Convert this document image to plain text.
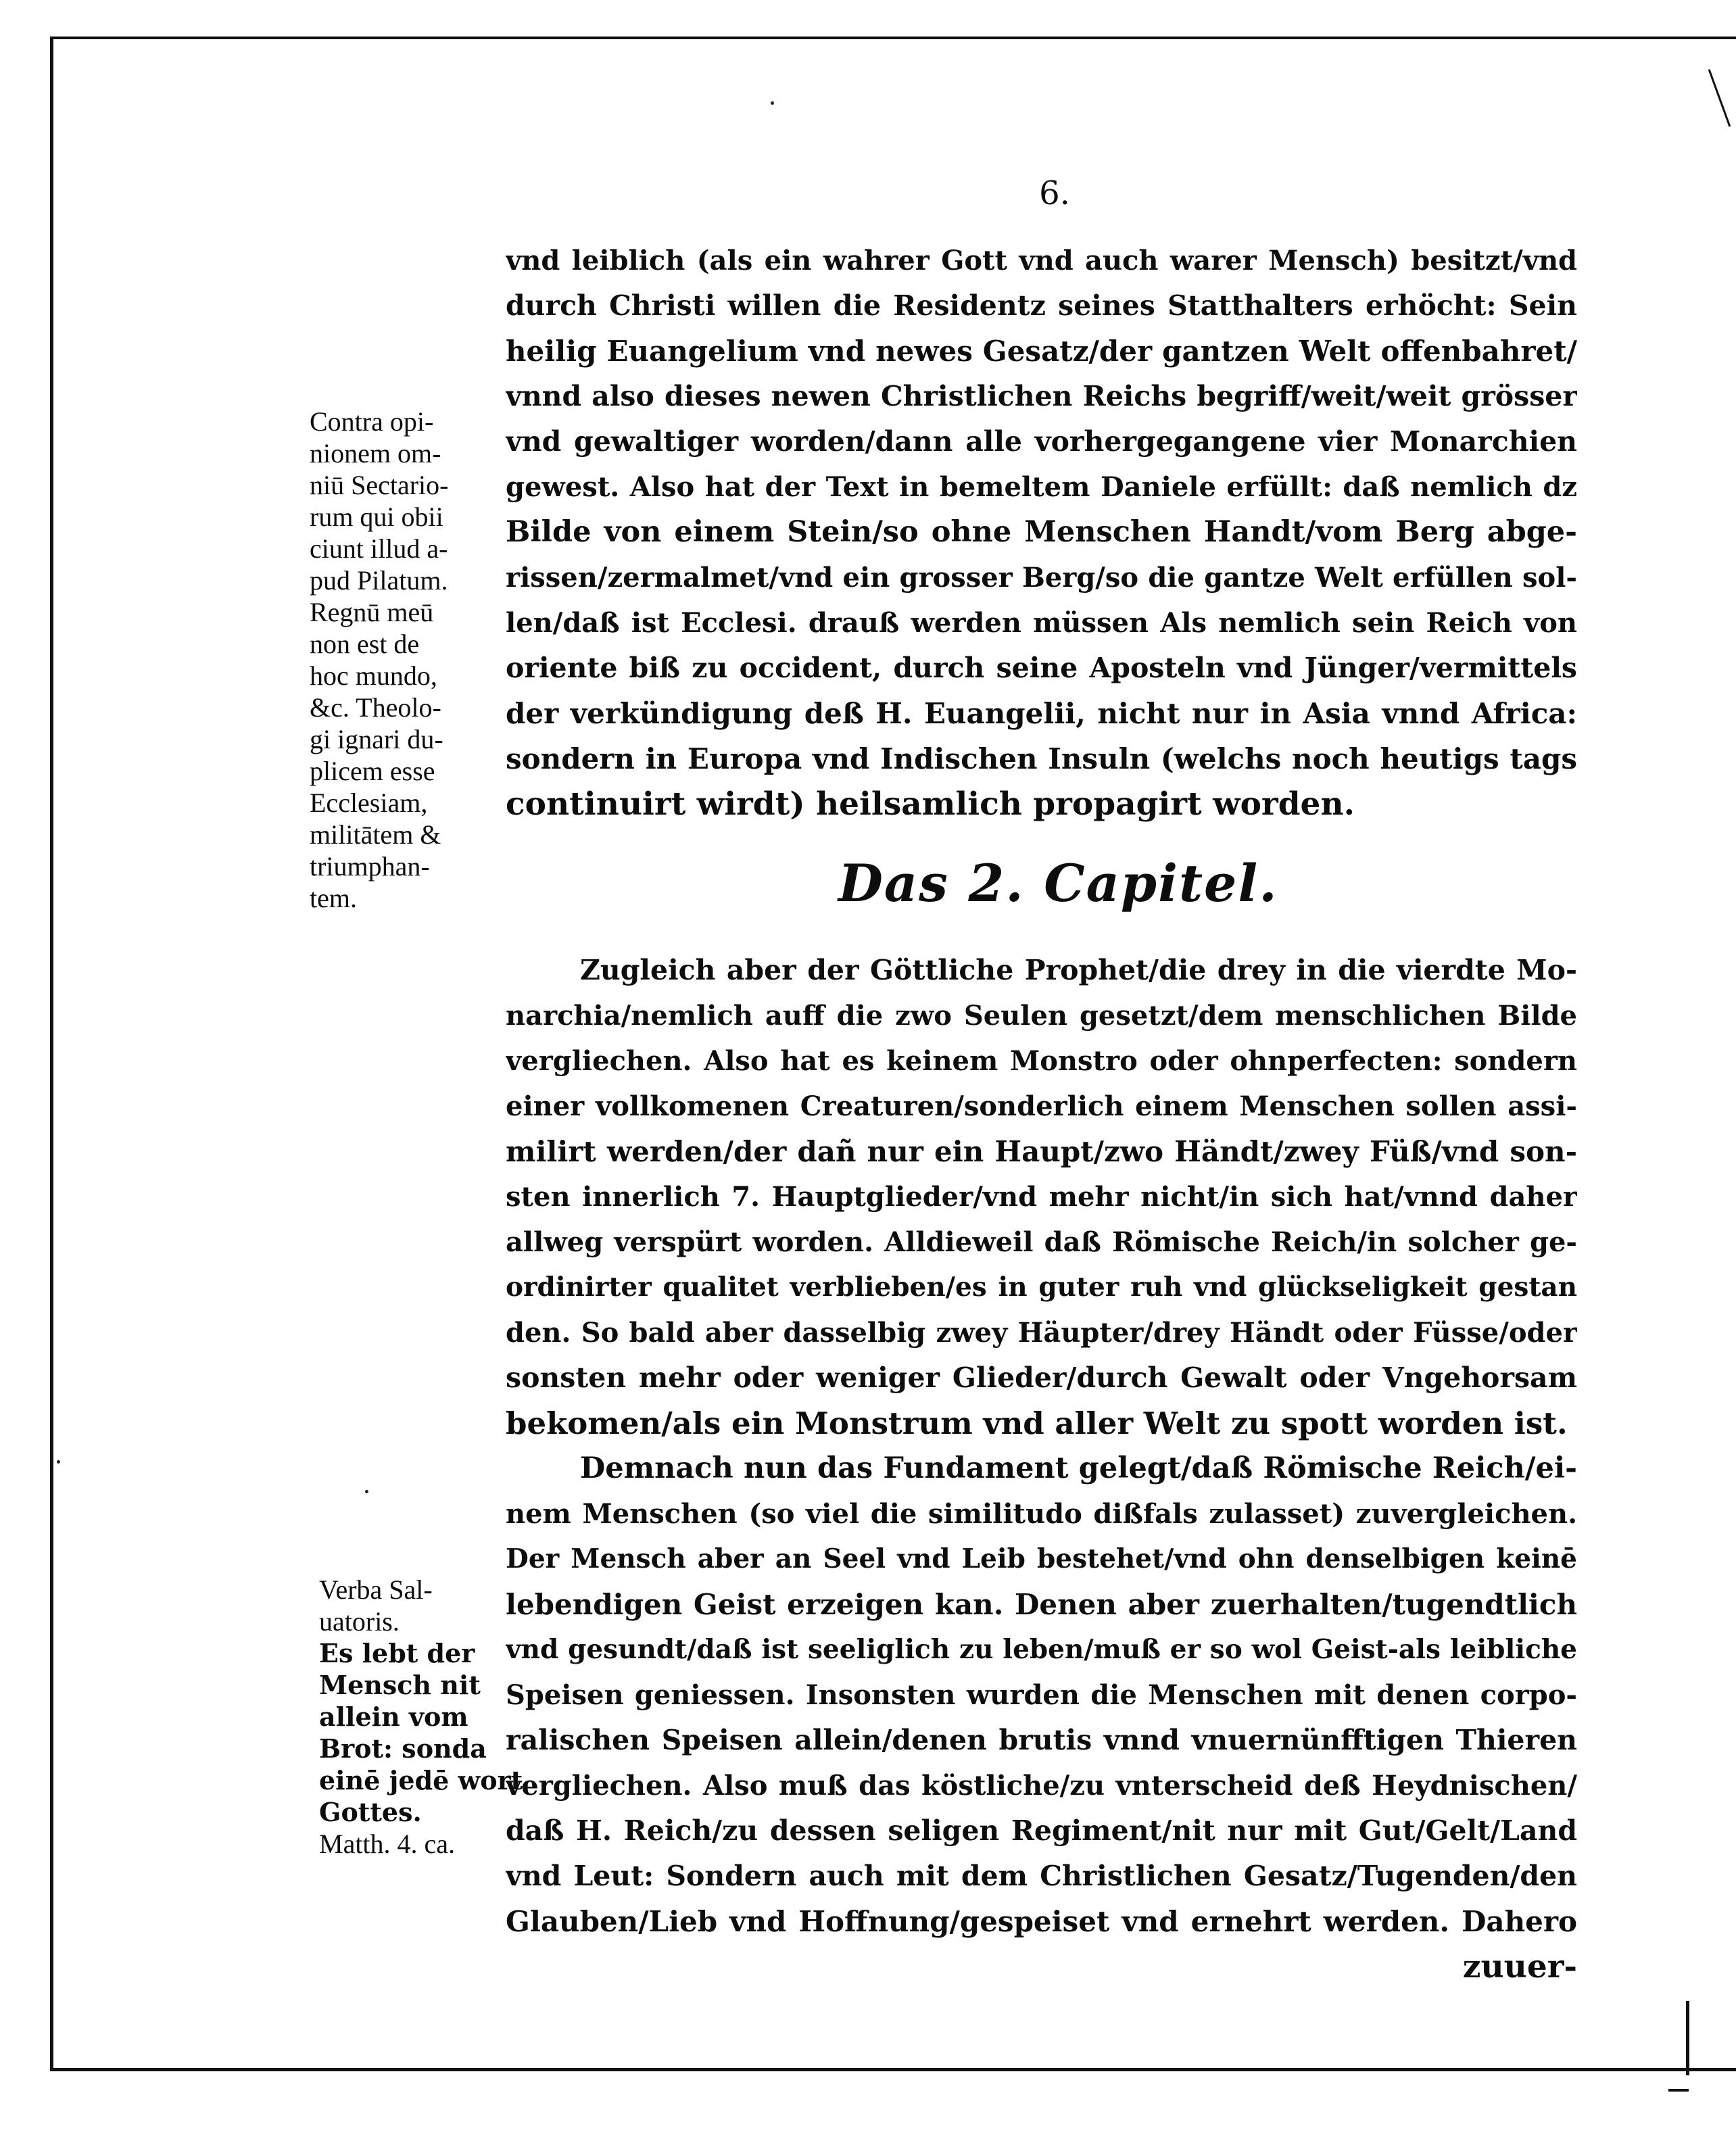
6.
vnd leiblich (als ein wahrer Gott vnd auch warer Mensch) besitzt/vnd
durch Christi willen die Residentz seines Statthalters erhöcht: Sein
heilig Euangelium vnd newes Gesatz/der gantzen Welt offenbahret/
vnnd also dieses newen Christlichen Reichs begriff/weit/weit grösser
vnd gewaltiger worden/dann alle vorhergegangene vier Monarchien
gewest. Also hat der Text in bemeltem Daniele erfüllt: daß nemlich dz
Bilde von einem Stein/so ohne Menschen Handt/vom Berg abge-
rissen/zermalmet/vnd ein grosser Berg/so die gantze Welt erfüllen sol-
len/daß ist Ecclesi. drauß werden müssen Als nemlich sein Reich von
oriente biß zu occident, durch seine Aposteln vnd Jünger/vermittels
der verkündigung deß H. Euangelii, nicht nur in Asia vnnd Africa:
sondern in Europa vnd Indischen Insuln (welchs noch heutigs tags
continuirt wirdt) heilsamlich propagirt worden.
Das 2. Capitel.
Zugleich aber der Göttliche Prophet/die drey in die vierdte Mo-
narchia/nemlich auff die zwo Seulen gesetzt/dem menschlichen Bilde
vergliechen. Also hat es keinem Monstro oder ohnperfecten: sondern
einer vollkomenen Creaturen/sonderlich einem Menschen sollen assi-
milirt werden/der dañ nur ein Haupt/zwo Händt/zwey Füß/vnd son-
sten innerlich 7. Hauptglieder/vnd mehr nicht/in sich hat/vnnd daher
allweg verspürt worden. Alldieweil daß Römische Reich/in solcher ge-
ordinirter qualitet verblieben/es in guter ruh vnd glückseligkeit gestan
den. So bald aber dasselbig zwey Häupter/drey Händt oder Füsse/oder
sonsten mehr oder weniger Glieder/durch Gewalt oder Vngehorsam
bekomen/als ein Monstrum vnd aller Welt zu spott worden ist.
Demnach nun das Fundament gelegt/daß Römische Reich/ei-
nem Menschen (so viel die similitudo dißfals zulasset) zuvergleichen.
Der Mensch aber an Seel vnd Leib bestehet/vnd ohn denselbigen keinē
lebendigen Geist erzeigen kan. Denen aber zuerhalten/tugendtlich
vnd gesundt/daß ist seeliglich zu leben/muß er so wol Geist-als leibliche
Speisen geniessen. Insonsten wurden die Menschen mit denen corpo-
ralischen Speisen allein/denen brutis vnnd vnuernünfftigen Thieren
vergliechen. Also muß das köstliche/zu vnterscheid deß Heydnischen/
daß H. Reich/zu dessen seligen Regiment/nit nur mit Gut/Gelt/Land
vnd Leut: Sondern auch mit dem Christlichen Gesatz/Tugenden/den
Glauben/Lieb vnd Hoffnung/gespeiset vnd ernehrt werden. Dahero
zuuer-
Contra opi-
nionem om-
niū Sectario-
rum qui obii
ciunt illud a-
pud Pilatum.
Regnū meū
non est de
hoc mundo,
&c. Theolo-
gi ignari du-
plicem esse
Ecclesiam,
militātem &
triumphan-
tem.
Verba Sal-
uatoris.
Es lebt der
Mensch nit
allein vom
Brot: sonda
einē jedē wort
Gottes.
Matth. 4. ca.
